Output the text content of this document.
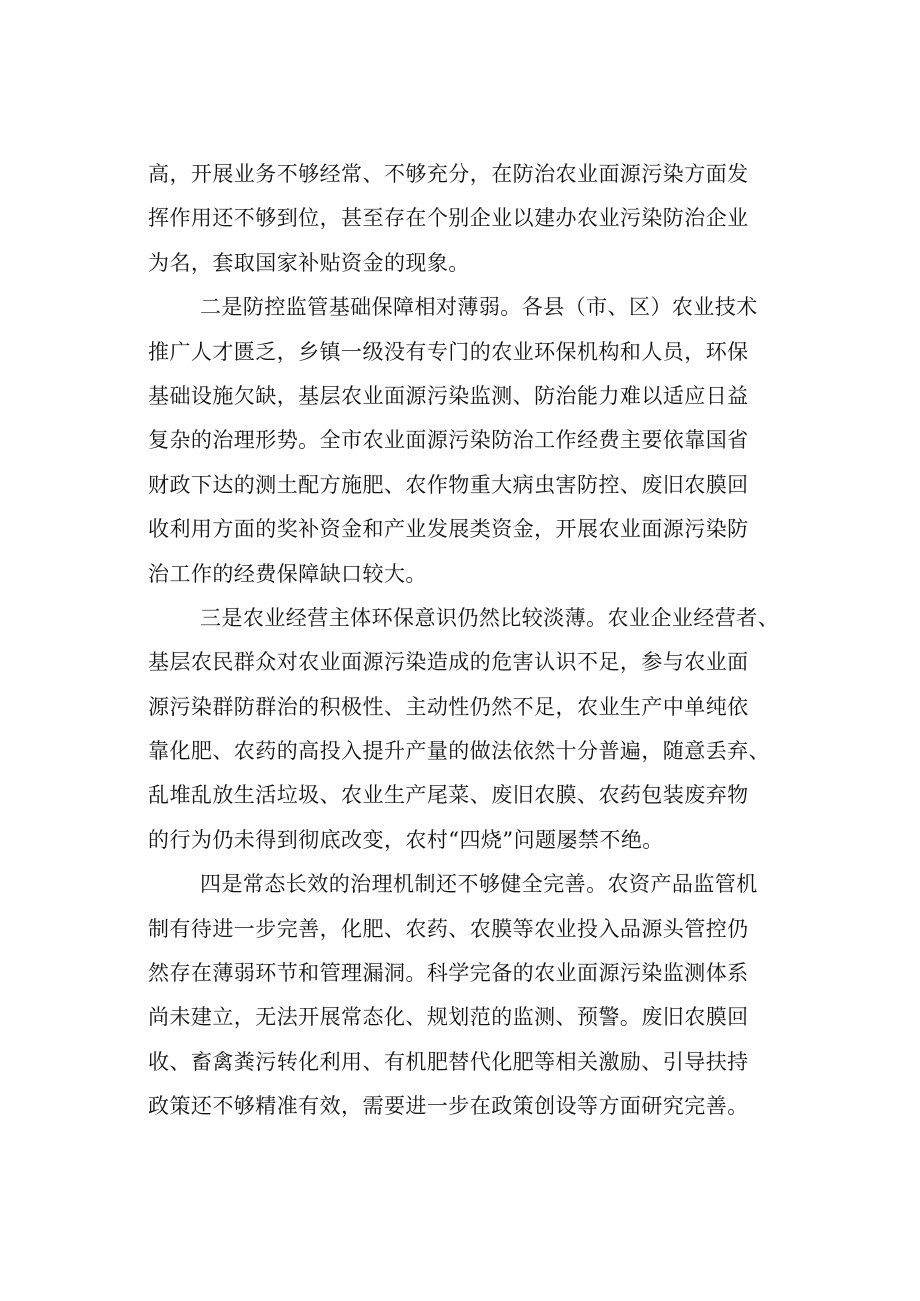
高，开展业务不够经常、不够充分，在防治农业面源污染方面发
挥作用还不够到位，甚至存在个别企业以建办农业污染防治企业
为名，套取国家补贴资金的现象。
二是防控监管基础保障相对薄弱。各县（市、区）农业技术
推广人才匮乏，乡镇一级没有专门的农业环保机构和人员，环保
基础设施欠缺，基层农业面源污染监测、防治能力难以适应日益
复杂的治理形势。全市农业面源污染防治工作经费主要依靠国省
财政下达的测土配方施肥、农作物重大病虫害防控、废旧农膜回
收利用方面的奖补资金和产业发展类资金，开展农业面源污染防
治工作的经费保障缺口较大。
三是农业经营主体环保意识仍然比较淡薄。农业企业经营者、
基层农民群众对农业面源污染造成的危害认识不足，参与农业面
源污染群防群治的积极性、主动性仍然不足，农业生产中单纯依
靠化肥、农药的高投入提升产量的做法依然十分普遍，随意丢弃、
乱堆乱放生活垃圾、农业生产尾菜、废旧农膜、农药包装废弃物
的行为仍未得到彻底改变，农村“四烧”问题屡禁不绝。
四是常态长效的治理机制还不够健全完善。农资产品监管机
制有待进一步完善，化肥、农药、农膜等农业投入品源头管控仍
然存在薄弱环节和管理漏洞。科学完备的农业面源污染监测体系
尚未建立，无法开展常态化、规划范的监测、预警。废旧农膜回
收、畜禽粪污转化利用、有机肥替代化肥等相关激励、引导扶持
政策还不够精准有效，需要进一步在政策创设等方面研究完善。
